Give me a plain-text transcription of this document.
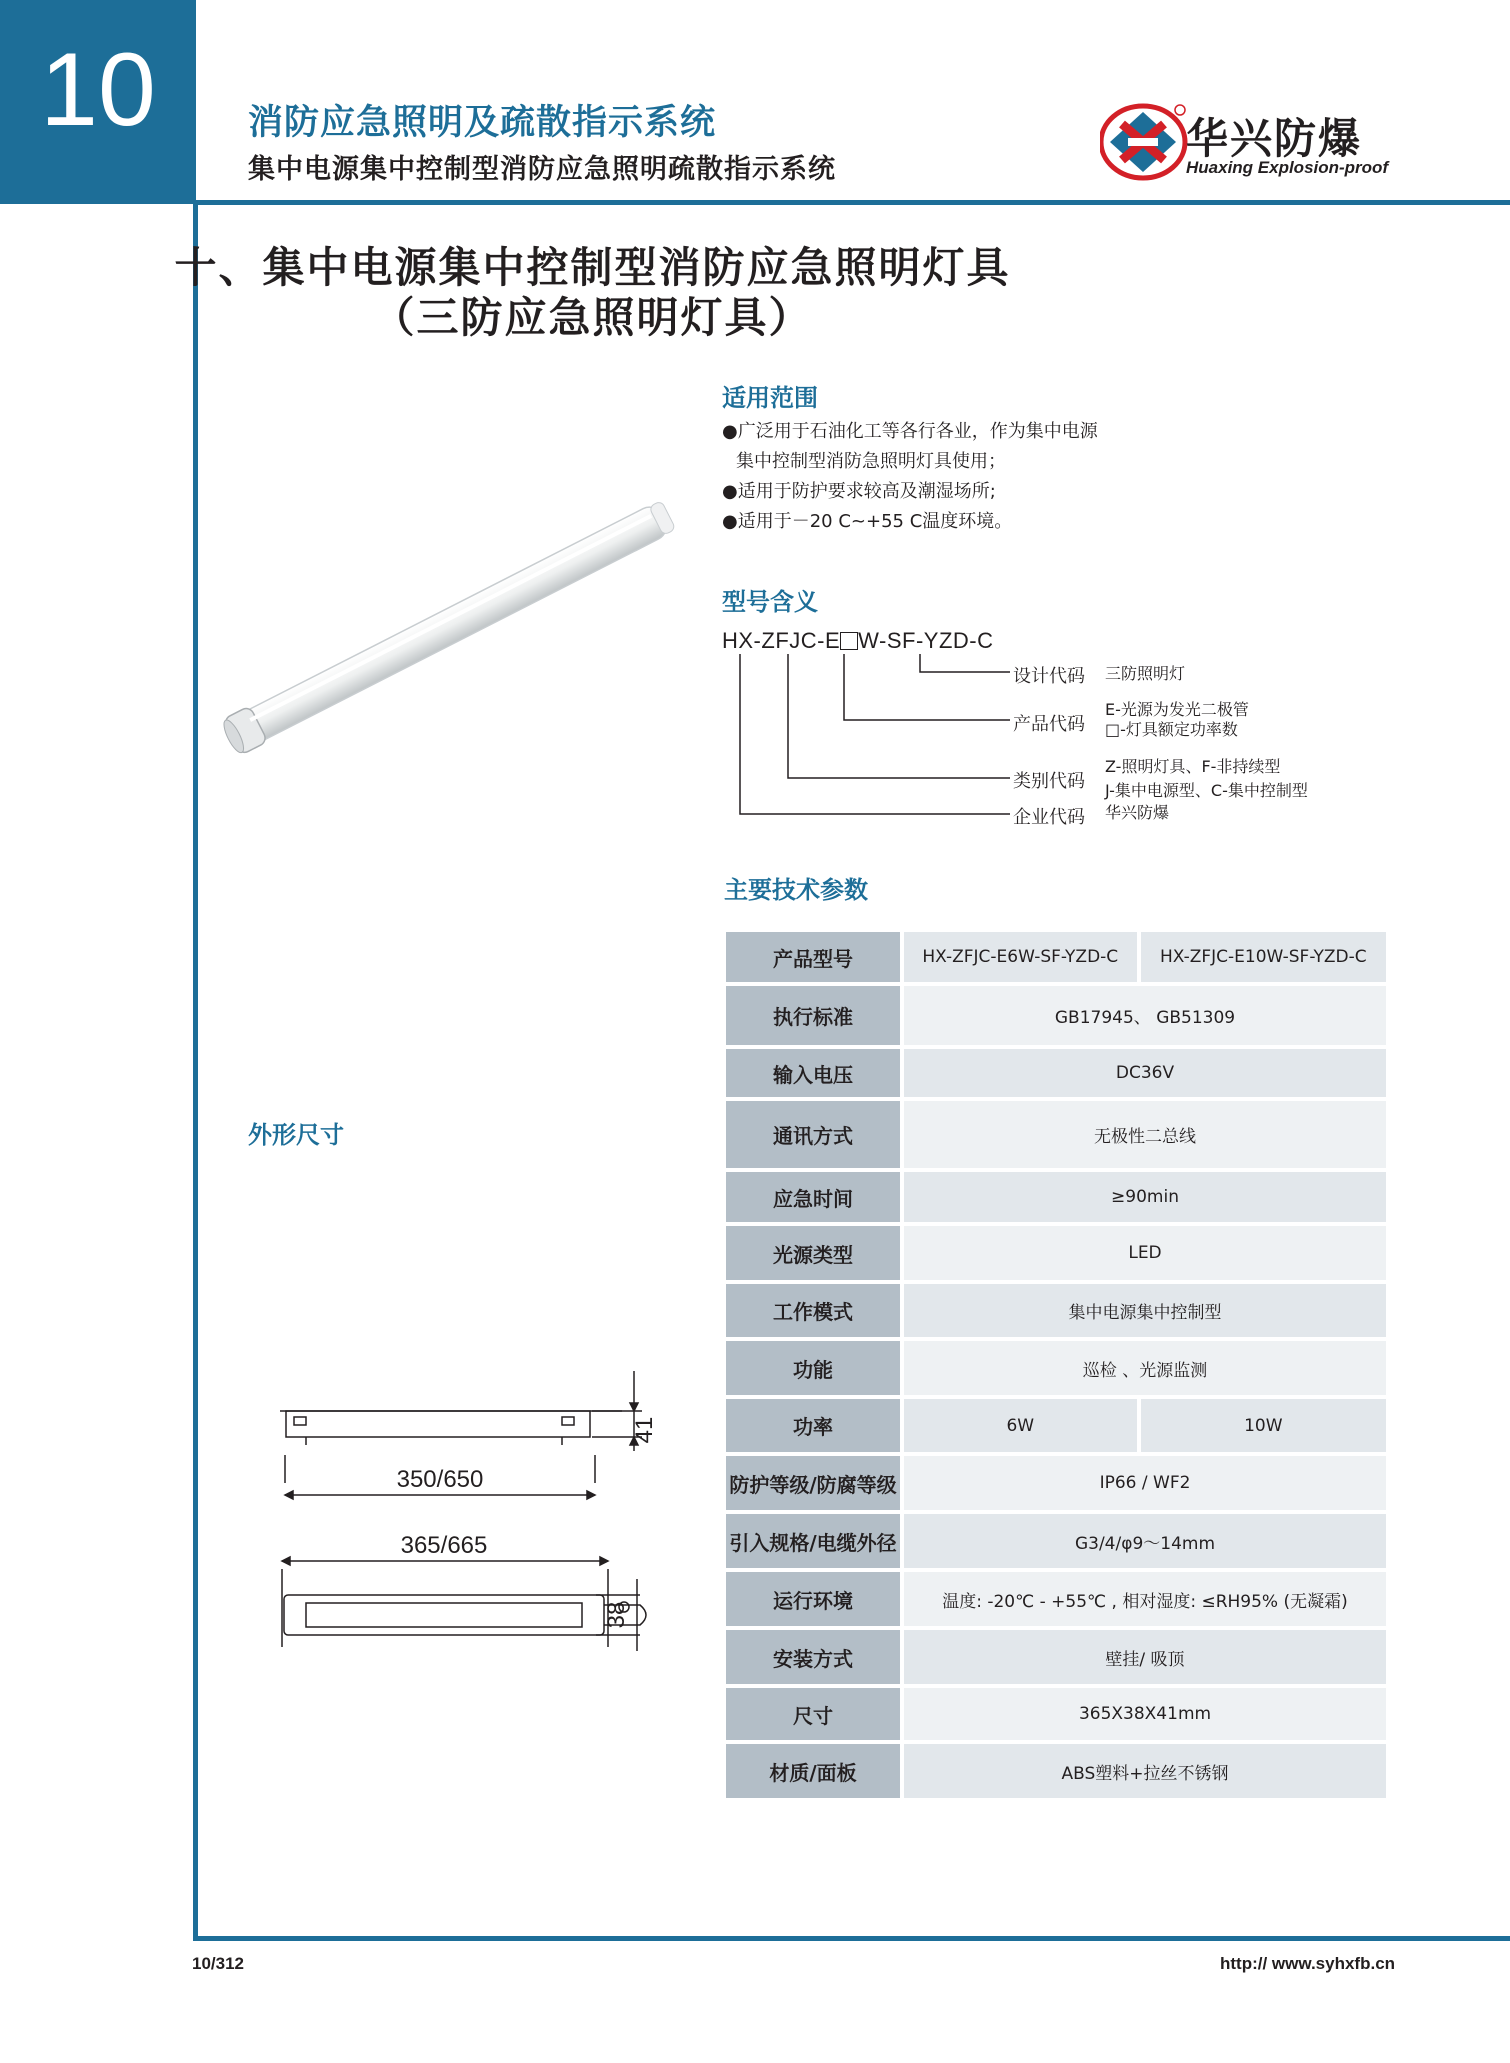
10	消防应急照明及疏散指示系统
集中电源集中控制型消防应急照明疏散指示系统
华兴防爆
Huaxing Explosion-proof
十、集中电源集中控制型消防应急照明灯具
（三防应急照明灯具）
适用范围
●广泛用于石油化工等各行各业，作为集中电源
集中控制型消防急照明灯具使用；
●适用于防护要求较高及潮湿场所;
●适用于－20 C~+55 C温度环境。
型号含义
HX-ZFJC-E W-SF-YZD-C
设计代码 三防照明灯
产品代码
E-光源为发光二极管
□-灯具额定功率数
类别代码
Z-照明灯具、F-非持续型
J-集中电源型、C-集中控制型
企业代码 华兴防爆
主要技术参数
产品型号	HX-ZFJC-E6W-SF-YZD-C	HX-ZFJC-E10W-SF-YZD-C
执行标准	GB17945、 GB51309	
输入电压	DC36V	
通讯方式	无极性二总线	
应急时间	≥90min	
光源类型	LED	
工作模式	集中电源集中控制型	
功能	巡检 、光源监测	
功率	6W	10W
防护等级/防腐等级	IP66 / WF2	
引入规格/电缆外径	G3/4/φ9～14mm	
运行环境	温度: -20℃ - +55℃ , 相对湿度: ≤RH95% (无凝霜)	
安装方式	壁挂/ 吸顶	
尺寸	365X38X41mm	
材质/面板	ABS塑料+拉丝不锈钢	
外形尺寸
41
350/650
365/665
38
10/312	http:// www.syhxfb.cn
